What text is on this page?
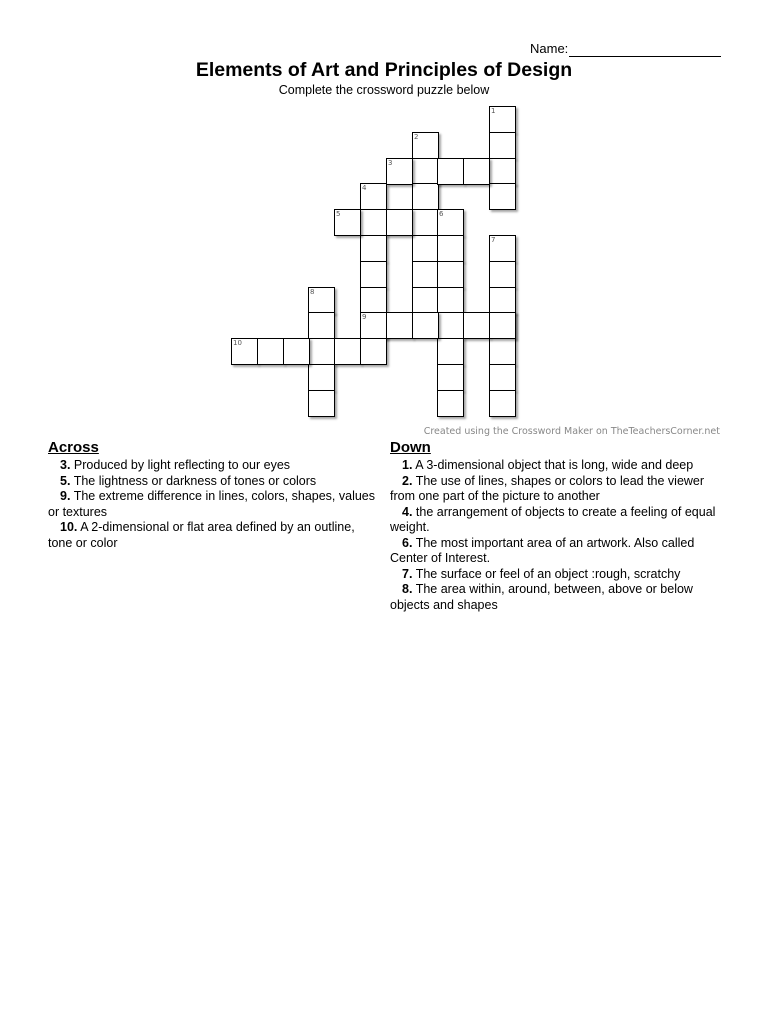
Name:
Elements of Art and Principles of Design
Complete the crossword puzzle below
1
2
3
4
5	6
7
8
9
10
Created using the Crossword Maker on TheTeachersCorner.net
Across
3. Produced by light reflecting to our eyes
5. The lightness or darkness of tones or colors
9. The extreme difference in lines, colors, shapes, values or textures
10. A 2-dimensional or flat area defined by an outline, tone or color
Down
1. A 3-dimensional object that is long, wide and deep
2. The use of lines, shapes or colors to lead the viewer from one part of the picture to another
4. the arrangement of objects to create a feeling of equal weight.
6. The most important area of an artwork. Also called Center of Interest.
7. The surface or feel of an object :rough, scratchy
8. The area within, around, between, above or below objects and shapes
